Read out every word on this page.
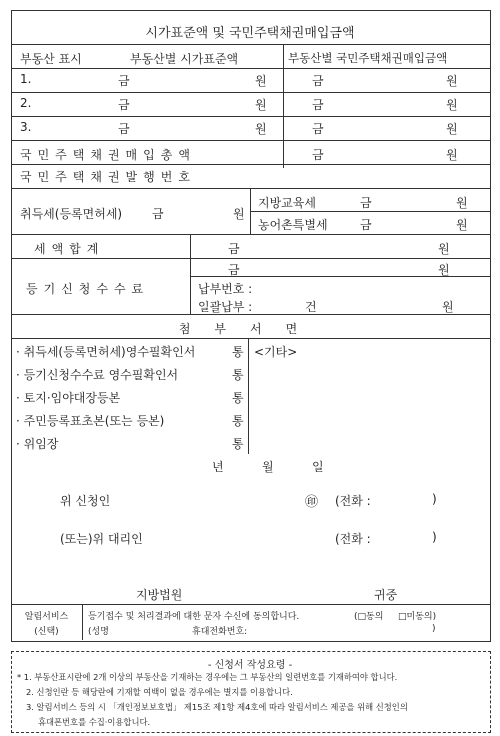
시가표준액 및 국민주택채권매입금액
부동산 표시	부동산별 시가표준액	부동산별 국민주택채권매입금액
1.	금	원	금	원
2.	금	원	금	원
3.	금	원	금	원
국민주택채권매입총액	금	원
국민주택채권발행번호
취득세(등록면허세) 금	원
지방교육세	금	원
농어촌특별세	금	원
세액합계	금	원
등기신청수수료
금	원
납부번호 :
일괄납부 :	건	원
첨부서면
· 취득세(등록면허세)영수필확인서	통
· 등기신청수수료 영수필확인서	통
· 토지·임야대장등본	통
· 주민등록표초본(또는 등본)	통
· 위임장	통
<기타>
년	월	일
위 신청인	㊞ (전화 :	)
(또는)위 대리인	(전화 :	)
지방법원	귀중
알림서비스
(신택)
등기접수 및 처리결과에 대한 문자 수신에 동의합니다.	(□동의 □미동의)
(성명	휴대전화번호:	)
- 신청서 작성요령 -
* 1. 부동산표시란에 2개 이상의 부동산을 기재하는 경우에는 그 부동산의 일련번호를 기재하여야 합니다.
2. 신청인란 등 해당란에 기재할 여백이 없을 경우에는 별지를 이용합니다.
3. 알림서비스 등의 시 「개인정보보호법」 제15조 제1항 제4호에 따라 알림서비스 제공을 위해 신청인의
휴대폰번호를 수집·이용합니다.
